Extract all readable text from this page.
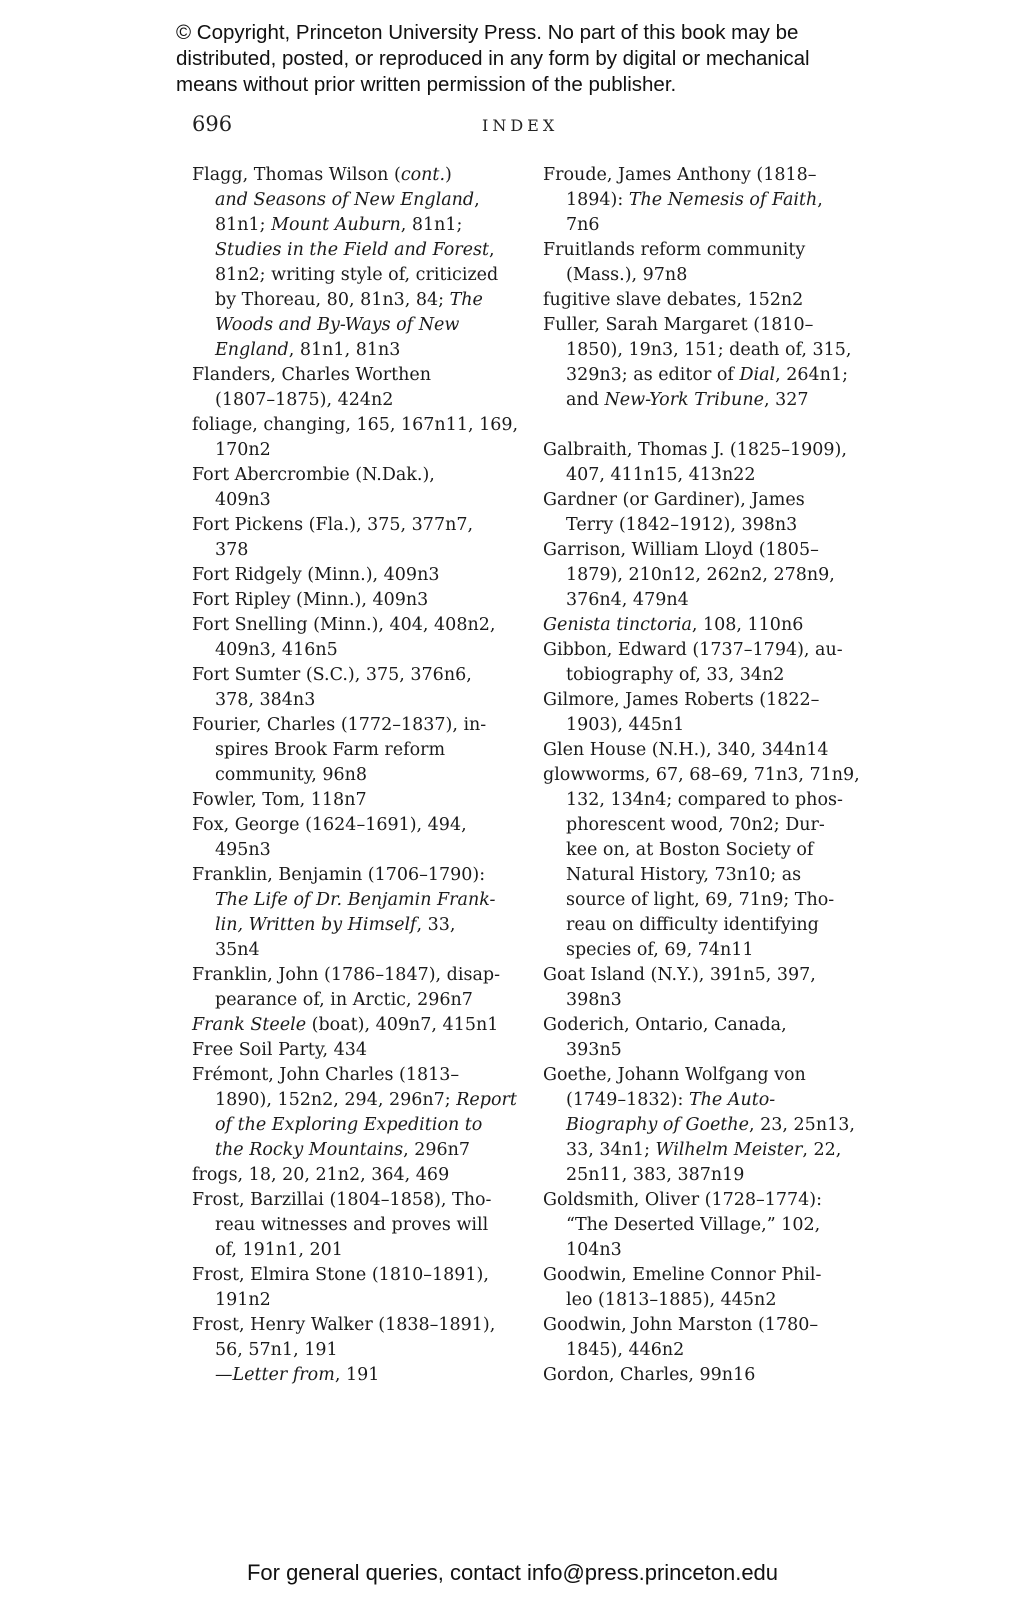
© Copyright, Princeton University Press. No part of this book may be
distributed, posted, or reproduced in any form by digital or mechanical
means without prior written permission of the publisher.
696	INDEX
Flagg, Thomas Wilson (cont.)
and Seasons of New England,
81n1; Mount Auburn, 81n1;
Studies in the Field and Forest,
81n2; writing style of, criticized
by Thoreau, 80, 81n3, 84; The
Woods and By-Ways of New
England, 81n1, 81n3
Flanders, Charles Worthen
(1807–1875), 424n2
foliage, changing, 165, 167n11, 169,
170n2
Fort Abercrombie (N.Dak.),
409n3
Fort Pickens (Fla.), 375, 377n7,
378
Fort Ridgely (Minn.), 409n3
Fort Ripley (Minn.), 409n3
Fort Snelling (Minn.), 404, 408n2,
409n3, 416n5
Fort Sumter (S.C.), 375, 376n6,
378, 384n3
Fourier, Charles (1772–1837), in-
spires Brook Farm reform
community, 96n8
Fowler, Tom, 118n7
Fox, George (1624–1691), 494,
495n3
Franklin, Benjamin (1706–1790):
The Life of Dr. Benjamin Frank-
lin, Written by Himself, 33,
35n4
Franklin, John (1786–1847), disap-
pearance of, in Arctic, 296n7
Frank Steele (boat), 409n7, 415n1
Free Soil Party, 434
Frémont, John Charles (1813–
1890), 152n2, 294, 296n7; Report
of the Exploring Expedition to
the Rocky Mountains, 296n7
frogs, 18, 20, 21n2, 364, 469
Frost, Barzillai (1804–1858), Tho-
reau witnesses and proves will
of, 191n1, 201
Frost, Elmira Stone (1810–1891),
191n2
Frost, Henry Walker (1838–1891),
56, 57n1, 191
—Letter from, 191
Froude, James Anthony (1818–
1894): The Nemesis of Faith,
7n6
Fruitlands reform community
(Mass.), 97n8
fugitive slave debates, 152n2
Fuller, Sarah Margaret (1810–
1850), 19n3, 151; death of, 315,
329n3; as editor of Dial, 264n1;
and New-York Tribune, 327
Galbraith, Thomas J. (1825–1909),
407, 411n15, 413n22
Gardner (or Gardiner), James
Terry (1842–1912), 398n3
Garrison, William Lloyd (1805–
1879), 210n12, 262n2, 278n9,
376n4, 479n4
Genista tinctoria, 108, 110n6
Gibbon, Edward (1737–1794), au-
tobiography of, 33, 34n2
Gilmore, James Roberts (1822–
1903), 445n1
Glen House (N.H.), 340, 344n14
glowworms, 67, 68–69, 71n3, 71n9,
132, 134n4; compared to phos-
phorescent wood, 70n2; Dur-
kee on, at Boston Society of
Natural History, 73n10; as
source of light, 69, 71n9; Tho-
reau on difficulty identifying
species of, 69, 74n11
Goat Island (N.Y.), 391n5, 397,
398n3
Goderich, Ontario, Canada,
393n5
Goethe, Johann Wolfgang von
(1749–1832): The Auto-
Biography of Goethe, 23, 25n13,
33, 34n1; Wilhelm Meister, 22,
25n11, 383, 387n19
Goldsmith, Oliver (1728–1774):
“The Deserted Village,” 102,
104n3
Goodwin, Emeline Connor Phil-
leo (1813–1885), 445n2
Goodwin, John Marston (1780–
1845), 446n2
Gordon, Charles, 99n16
For general queries, contact info@press.princeton.edu
